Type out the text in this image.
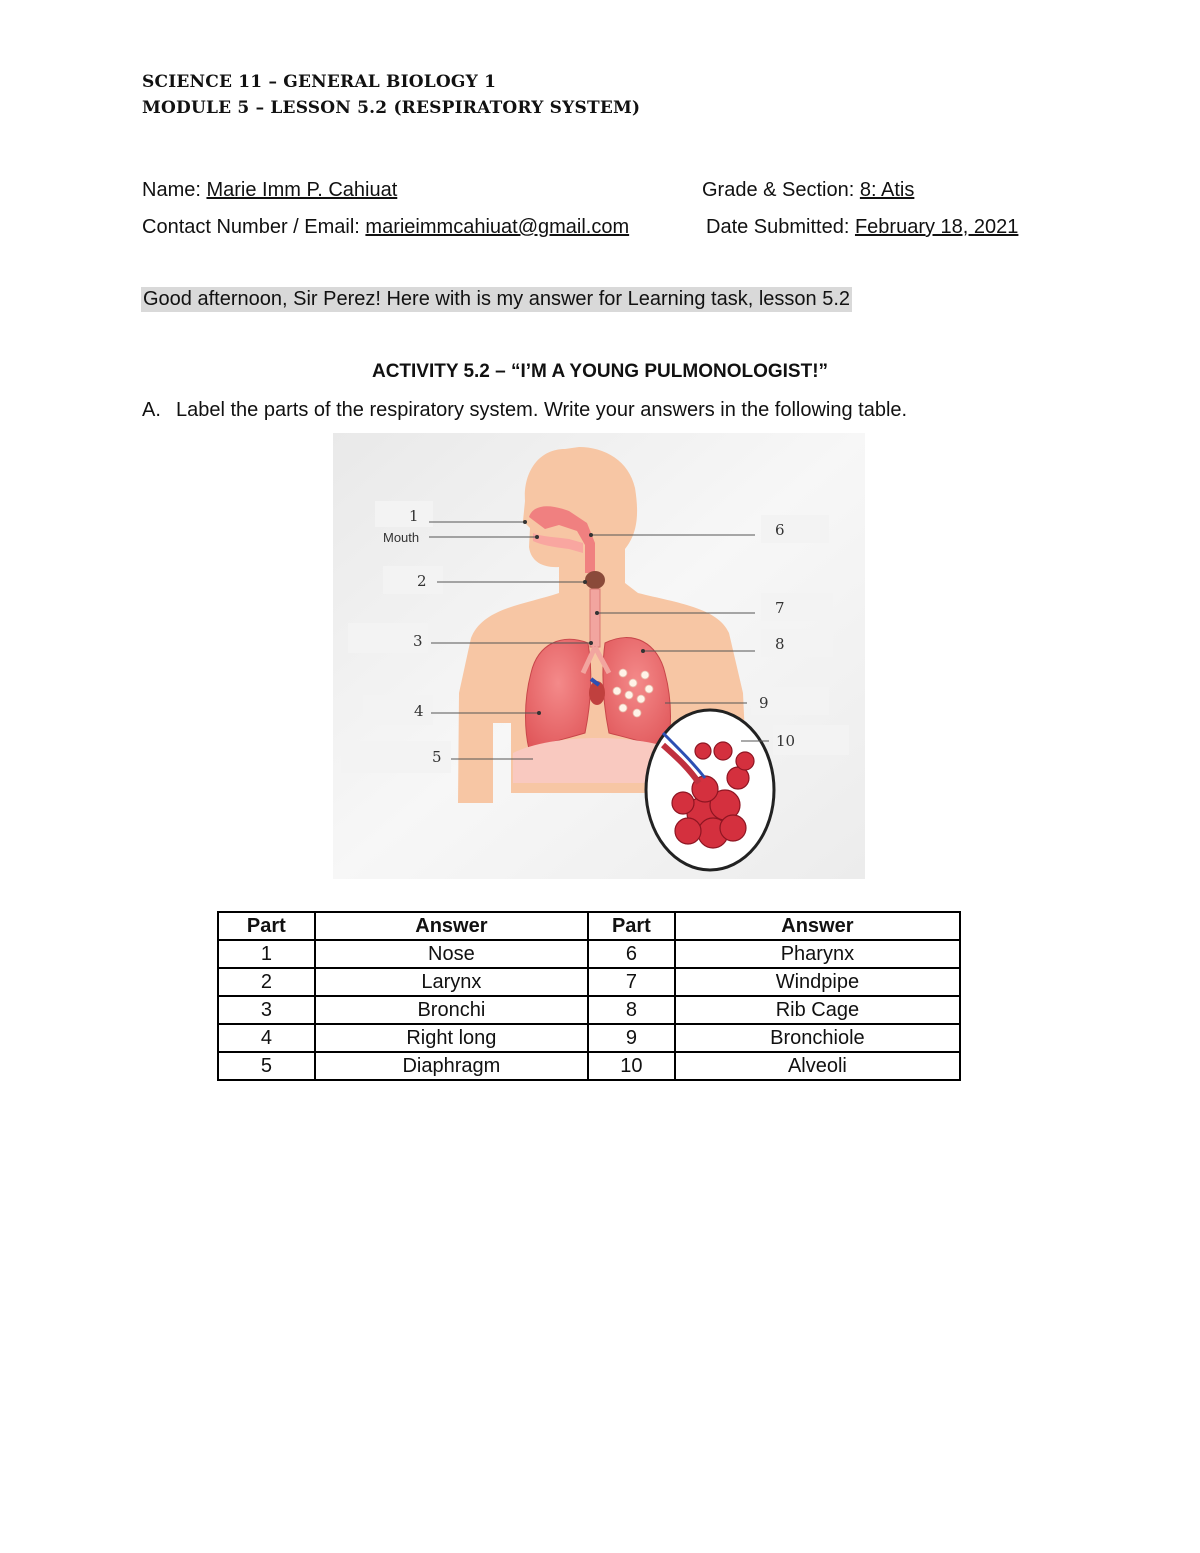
SCIENCE 11 – GENERAL BIOLOGY 1
MODULE 5 – LESSON 5.2 (RESPIRATORY SYSTEM)
Name: Marie Imm P. Cahiuat	Grade & Section: 8: Atis
Contact Number / Email: marieimmcahiuat@gmail.com	Date Submitted: February 18, 2021
Good afternoon, Sir Perez! Here with is my answer for Learning task, lesson 5.2
ACTIVITY 5.2 – “I’M A YOUNG PULMONOLOGIST!”
A. Label the parts of the respiratory system. Write your answers in the following table.
1
Mouth
2
3
4
5
6
7
8
9
10
Part	Answer	Part	Answer
1	Nose	6	Pharynx
2	Larynx	7	Windpipe
3	Bronchi	8	Rib Cage
4	Right long	9	Bronchiole
5	Diaphragm	10	Alveoli
